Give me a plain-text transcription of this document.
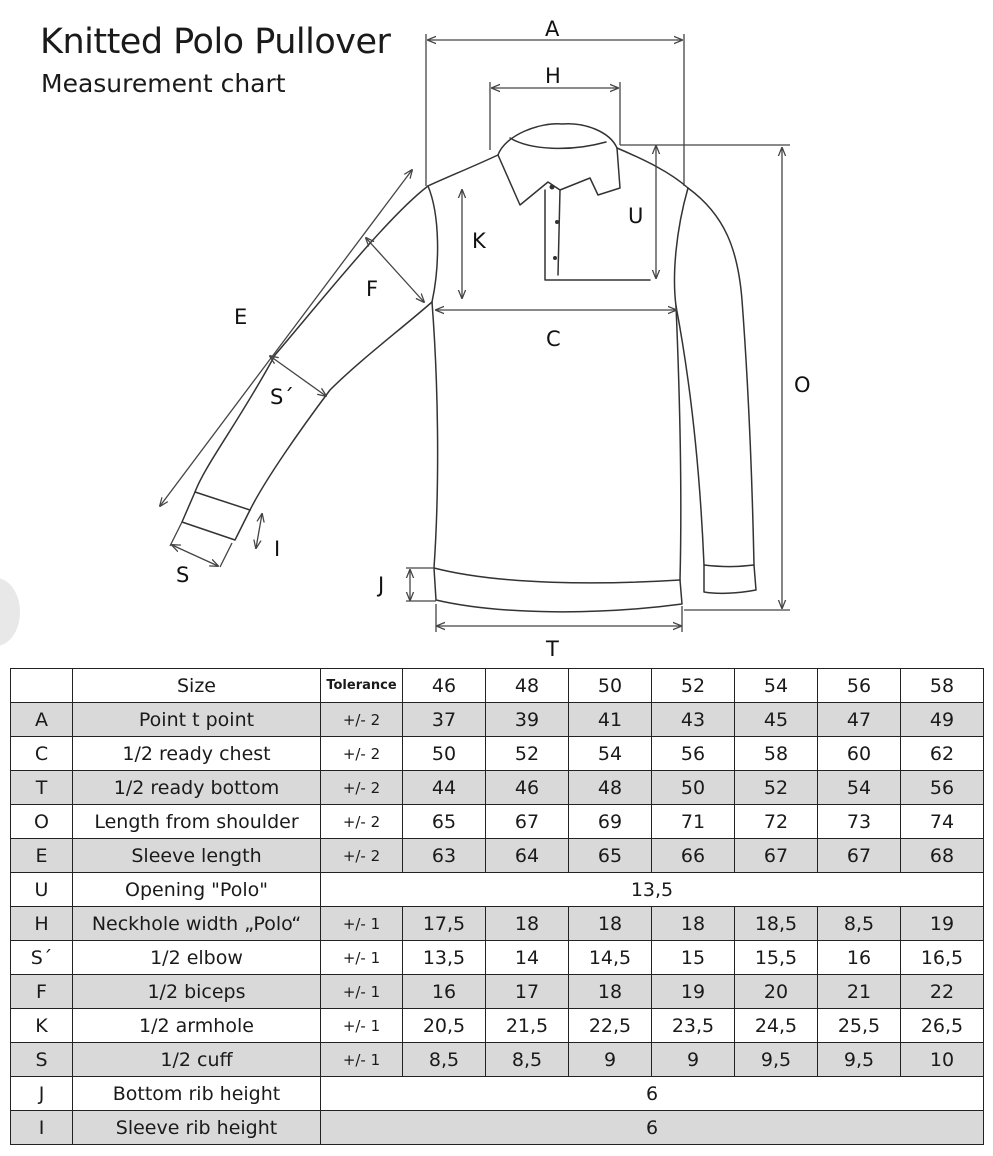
Knitted Polo Pullover
Measurement chart
A
H
U
K
F
E
C
S´	O
I
S	J
T
	Size	Tolerance	46	48	50	52	54	56	58
A	Point t point	+/- 2	37	39	41	43	45	47	49
C	1/2 ready chest	+/- 2	50	52	54	56	58	60	62
T	1/2 ready bottom	+/- 2	44	46	48	50	52	54	56
O	Length from shoulder	+/- 2	65	67	69	71	72	73	74
E	Sleeve length	+/- 2	63	64	65	66	67	67	68
U	Opening "Polo"	13,5							
H	Neckhole width „Polo“	+/- 1	17,5	18	18	18	18,5	8,5	19
S´	1/2 elbow	+/- 1	13,5	14	14,5	15	15,5	16	16,5
F	1/2 biceps	+/- 1	16	17	18	19	20	21	22
K	1/2 armhole	+/- 1	20,5	21,5	22,5	23,5	24,5	25,5	26,5
S	1/2 cuff	+/- 1	8,5	8,5	9	9	9,5	9,5	10
J	Bottom rib height	6							
I	Sleeve rib height	6							
